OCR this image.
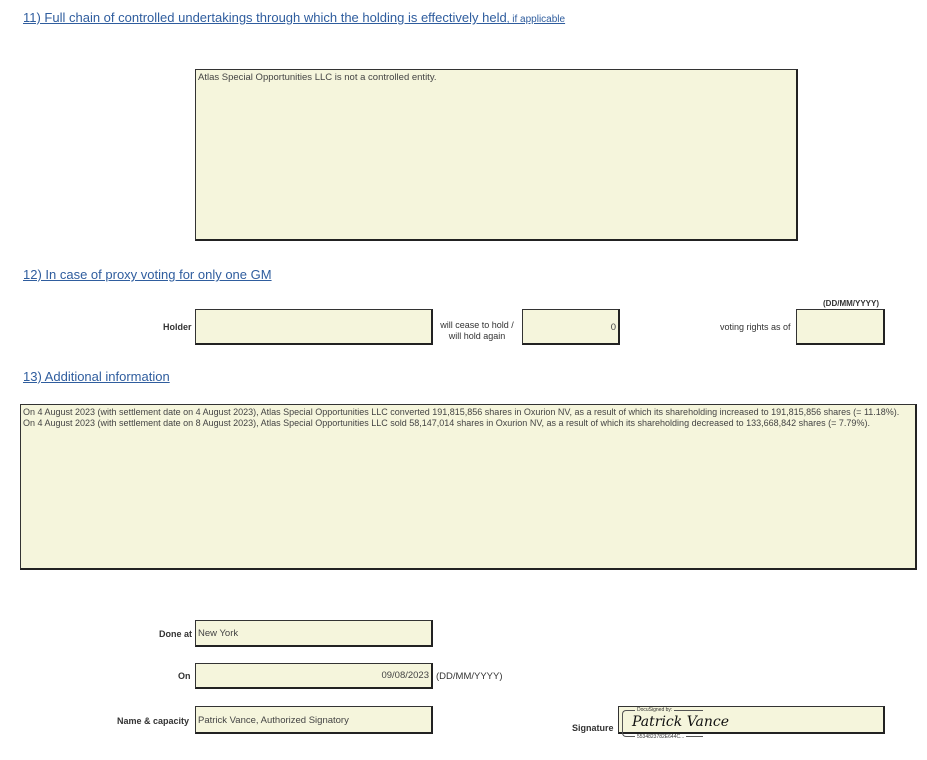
11) Full chain of controlled undertakings through which the holding is effectively held, if applicable
Atlas Special Opportunities LLC is not a controlled entity.
12) In case of proxy voting for only one GM
Holder	will cease to hold /
will hold again
0
(DD/MM/YYYY)
voting rights as of
13) Additional information
On 4 August 2023 (with settlement date on 4 August 2023), Atlas Special Opportunities LLC converted 191,815,856 shares in Oxurion NV, as a result of which its shareholding increased to 191,815,856 shares (= 11.18%). On 4 August 2023 (with settlement date on 8 August 2023), Atlas Special Opportunities LLC sold 58,147,014 shares in Oxurion NV, as a result of which its shareholding decreased to 133,668,842 shares (= 7.79%).
Done at New York
On	09/08/2023 (DD/MM/YYYY)
Name & capacity Patrick Vance, Authorized Signatory
Signature
DocuSigned by:
Patrick Vance
5534823782E644C...
